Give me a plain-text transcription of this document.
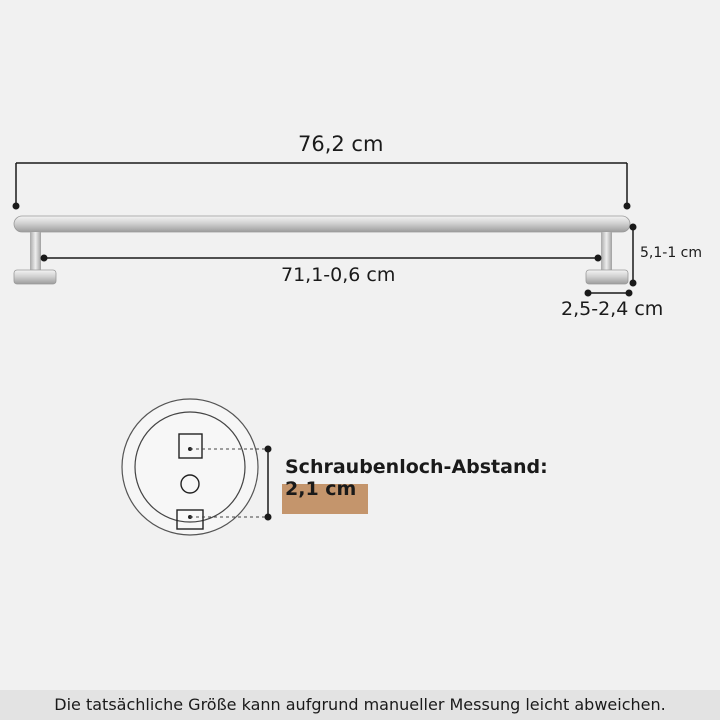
76,2 cm
71,1-0,6 cm
5,1-1 cm
2,5-2,4 cm
Schraubenloch-Abstand: 2,1 cm
Die tatsächliche Größe kann aufgrund manueller Messung leicht abweichen.
